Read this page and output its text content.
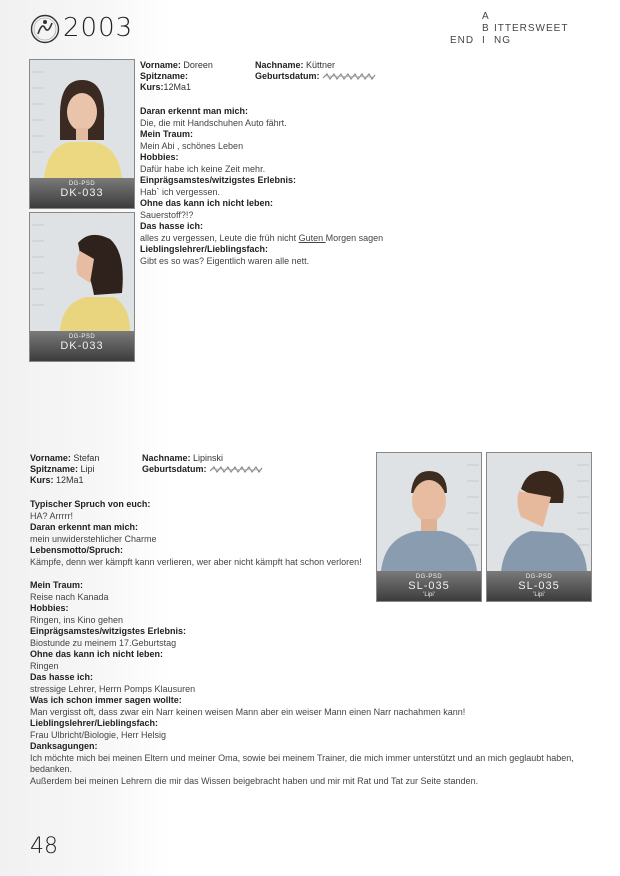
2003	A
B ITTERSWEET
END I NG
DG-PSD
DK-033
DG-PSD
DK-033
Vorname: Doreen	Nachname: Küttner
Spitzname:	Geburtsdatum:
Kurs:12Ma1
Daran erkennt man mich:
Die, die mit Handschuhen Auto fährt.
Mein Traum:
Mein Abi , schönes Leben
Hobbies:
Dafür habe ich keine Zeit mehr.
Einprägsamstes/witzigstes Erlebnis:
Hab` ich vergessen.
Ohne das kann ich nicht leben:
Sauerstoff?!?
Das hasse ich:
alles zu vergessen, Leute die früh nicht Guten Morgen sagen
Lieblingslehrer/Lieblingsfach:
Gibt es so was? Eigentlich waren alle nett.
Vorname: Stefan	Nachname: Lipinski
Spitzname: Lipi	Geburtsdatum:
Kurs: 12Ma1
Typischer Spruch von euch:
HA? Arrrrr!
Daran erkennt man mich:
mein unwiderstehlicher Charme
Lebensmotto/Spruch:
Kämpfe, denn wer kämpft kann verlieren, wer aber nicht kämpft hat schon verloren!
Mein Traum:
Reise nach Kanada
Hobbies:
Ringen, ins Kino gehen
Einprägsamstes/witzigstes Erlebnis:
Biostunde zu meinem 17.Geburtstag
Ohne das kann ich nicht leben:
Ringen
Das hasse ich:
stressige Lehrer, Herrn Pomps Klausuren
Was ich schon immer sagen wollte:
Man vergisst oft, dass zwar ein Narr keinen weisen Mann aber ein weiser Mann einen Narr nachahmen kann!
Lieblingslehrer/Lieblingsfach:
Frau Ulbricht/Biologie, Herr Helsig
Danksagungen:
Ich möchte mich bei meinen Eltern und meiner Oma, sowie bei meinem Trainer, die mich immer unterstützt und an mich geglaubt haben, bedanken.
Außerdem bei meinen Lehrern die mir das Wissen beigebracht haben und mir mit Rat und Tat zur Seite standen.
DG-PSD
SL-035
'Lipi'
DG-PSD
SL-035
'Lipi'
48
